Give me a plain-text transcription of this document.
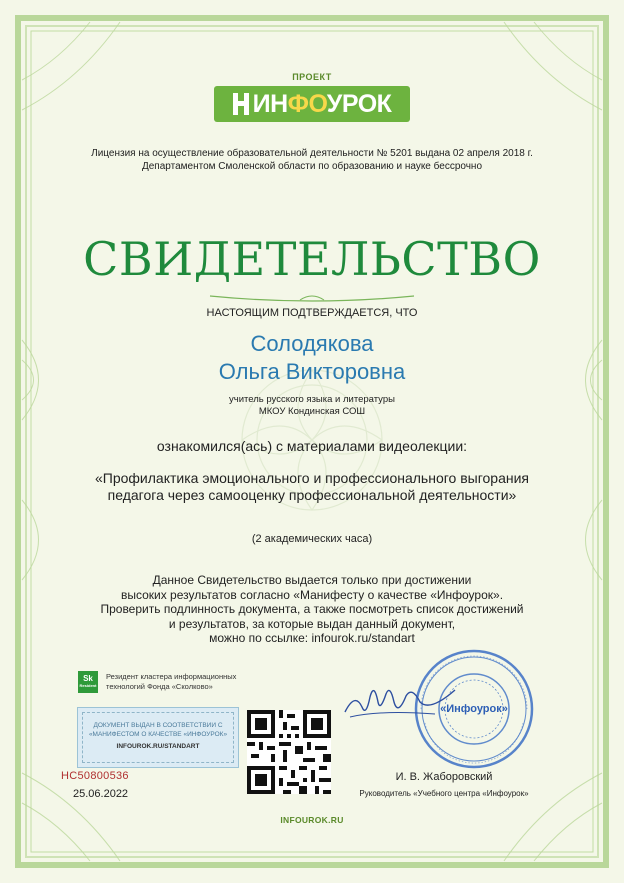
ПРОЕКТ
ИНФОУРОК
Лицензия на осуществление образовательной деятельности № 5201 выдана 02 апреля 2018 г.
Департаментом Смоленской области по образованию и науке бессрочно
СВИДЕТЕЛЬСТВО
НАСТОЯЩИМ ПОДТВЕРЖДАЕТСЯ, ЧТО
Солодякова
Ольга Викторовна
учитель русского языка и литературы
МКОУ Кондинская СОШ
ознакомился(ась) с материалами видеолекции:
«Профилактика эмоционального и профессионального выгорания
педагога через самооценку профессиональной деятельности»
(2 академических часа)
Данное Свидетельство выдается только при достижении
высоких результатов согласно «Манифесту о качестве «Инфоурок».
Проверить подлинность документа, а также посмотреть список достижений
и результатов, за которые выдан данный документ,
можно по ссылке: infourok.ru/standart
Sk
Resident
Резидент кластера информационных
технологий Фонда «Сколково»
ДОКУМЕНТ ВЫДАН В СООТВЕТСТВИИ С
«МАНИФЕСТОМ О КАЧЕСТВЕ «ИНФОУРОК»
INFOUROK.RU/STANDART
НС50800536
25.06.2022
«Инфоурок»
И. В. Жаборовский
Руководитель «Учебного центра «Инфоурок»
INFOUROK.RU
